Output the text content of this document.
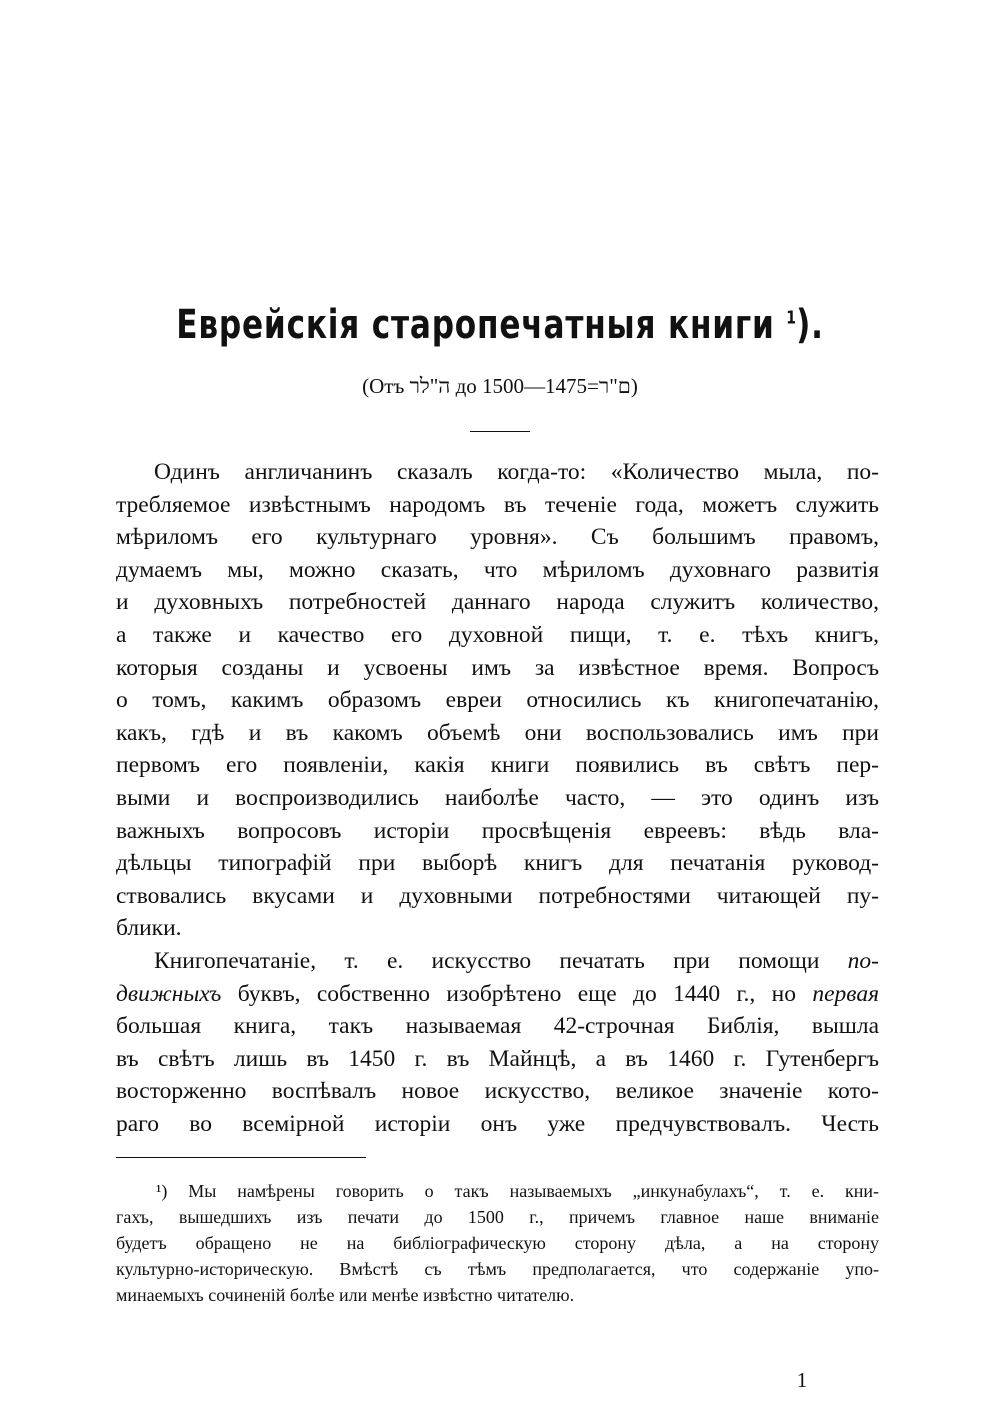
Еврейскія старопечатныя книги $^1$).
(Отъ ה"לר до ם"ר=1475—1500)
Одинъ англичанинъ сказалъ когда-то: «Количество мыла, по-
требляемое извѣстнымъ народомъ въ теченіе года, можетъ служить
мѣриломъ его культурнаго уровня». Съ большимъ правомъ,
думаемъ мы, можно сказать, что мѣриломъ духовнаго развитія
и духовныхъ потребностей даннаго народа служитъ количество,
а также и качество его духовной пищи, т. е. тѣхъ книгъ,
которыя созданы и усвоены имъ за извѣстное время. Вопросъ
о томъ, какимъ образомъ евреи относились къ книгопечатанію,
какъ, гдѣ и въ какомъ объемѣ они воспользовались имъ при
первомъ его появленіи, какія книги появились въ свѣтъ пер-
выми и воспроизводились наиболѣе часто, — это одинъ изъ
важныхъ вопросовъ исторіи просвѣщенія евреевъ: вѣдь вла-
дѣльцы типографій при выборѣ книгъ для печатанія руковод-
ствовались вкусами и духовными потребностями читающей пу-
блики.
Книгопечатаніе, т. е. искусство печатать при помощи по-
движныхъ буквъ, собственно изобрѣтено еще до 1440 г., но первая
большая книга, такъ называемая 42-строчная Библія, вышла
въ свѣтъ лишь въ 1450 г. въ Майнцѣ, а въ 1460 г. Гутенбергъ
восторженно воспѣвалъ новое искусство, великое значеніе кото-
раго во всемірной исторіи онъ уже предчувствовалъ. Честь
¹) Мы намѣрены говорить о такъ называемыхъ „инкунабулахъ“, т. е. кни-
гахъ, вышедшихъ изъ печати до 1500 г., причемъ главное наше вниманіе
будетъ обращено не на библіографическую сторону дѣла, а на сторону
культурно-историческую. Вмѣстѣ съ тѣмъ предполагается, что содержаніе упо-
минаемыхъ сочиненій болѣе или менѣе извѣстно читателю.
1
